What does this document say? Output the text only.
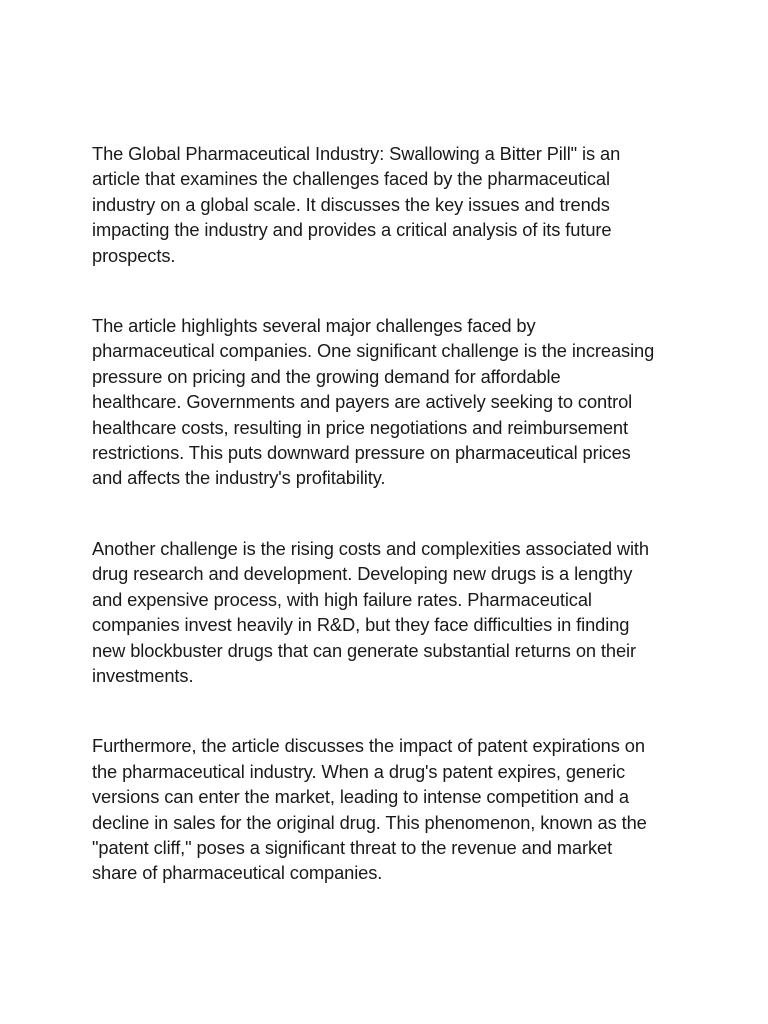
The Global Pharmaceutical Industry: Swallowing a Bitter Pill" is an
article that examines the challenges faced by the pharmaceutical
industry on a global scale. It discusses the key issues and trends
impacting the industry and provides a critical analysis of its future
prospects.

The article highlights several major challenges faced by
pharmaceutical companies. One significant challenge is the increasing
pressure on pricing and the growing demand for affordable
healthcare. Governments and payers are actively seeking to control
healthcare costs, resulting in price negotiations and reimbursement
restrictions. This puts downward pressure on pharmaceutical prices
and affects the industry's profitability.

Another challenge is the rising costs and complexities associated with
drug research and development. Developing new drugs is a lengthy
and expensive process, with high failure rates. Pharmaceutical
companies invest heavily in R&D, but they face difficulties in finding
new blockbuster drugs that can generate substantial returns on their
investments.

Furthermore, the article discusses the impact of patent expirations on
the pharmaceutical industry. When a drug's patent expires, generic
versions can enter the market, leading to intense competition and a
decline in sales for the original drug. This phenomenon, known as the
"patent cliff," poses a significant threat to the revenue and market
share of pharmaceutical companies.
